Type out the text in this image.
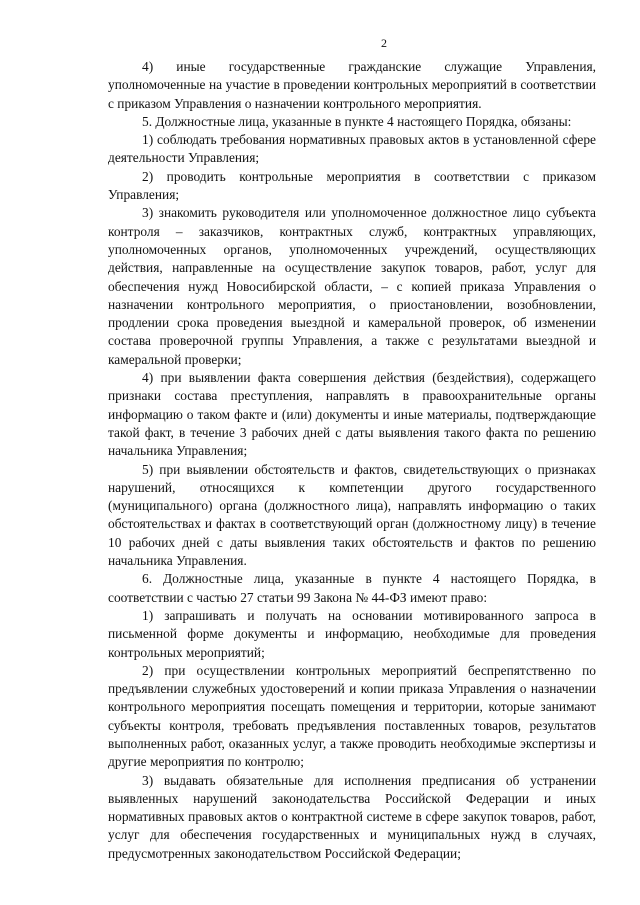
2

4) иные государственные гражданские служащие Управления, уполномоченные на участие в проведении контрольных мероприятий в соответствии с приказом Управления о назначении контрольного мероприятия.

5. Должностные лица, указанные в пункте 4 настоящего Порядка, обязаны:

1) соблюдать требования нормативных правовых актов в установленной сфере деятельности Управления;

2) проводить контрольные мероприятия в соответствии с приказом Управления;

3) знакомить руководителя или уполномоченное должностное лицо субъекта контроля – заказчиков, контрактных служб, контрактных управляющих, уполномоченных органов, уполномоченных учреждений, осуществляющих действия, направленные на осуществление закупок товаров, работ, услуг для обеспечения нужд Новосибирской области, – с копией приказа Управления о назначении контрольного мероприятия, о приостановлении, возобновлении, продлении срока проведения выездной и камеральной проверок, об изменении состава проверочной группы Управления, а также с результатами выездной и камеральной проверки;

4) при выявлении факта совершения действия (бездействия), содержащего признаки состава преступления, направлять в правоохранительные органы информацию о таком факте и (или) документы и иные материалы, подтверждающие такой факт, в течение 3 рабочих дней с даты выявления такого факта по решению начальника Управления;

5) при выявлении обстоятельств и фактов, свидетельствующих о признаках нарушений, относящихся к компетенции другого государственного (муниципального) органа (должностного лица), направлять информацию о таких обстоятельствах и фактах в соответствующий орган (должностному лицу) в течение 10 рабочих дней с даты выявления таких обстоятельств и фактов по решению начальника Управления.

6. Должностные лица, указанные в пункте 4 настоящего Порядка, в соответствии с частью 27 статьи 99 Закона № 44-ФЗ имеют право:

1) запрашивать и получать на основании мотивированного запроса в письменной форме документы и информацию, необходимые для проведения контрольных мероприятий;

2) при осуществлении контрольных мероприятий беспрепятственно по предъявлении служебных удостоверений и копии приказа Управления о назначении контрольного мероприятия посещать помещения и территории, которые занимают субъекты контроля, требовать предъявления поставленных товаров, результатов выполненных работ, оказанных услуг, а также проводить необходимые экспертизы и другие мероприятия по контролю;

3) выдавать обязательные для исполнения предписания об устранении выявленных нарушений законодательства Российской Федерации и иных нормативных правовых актов о контрактной системе в сфере закупок товаров, работ, услуг для обеспечения государственных и муниципальных нужд в случаях, предусмотренных законодательством Российской Федерации;
